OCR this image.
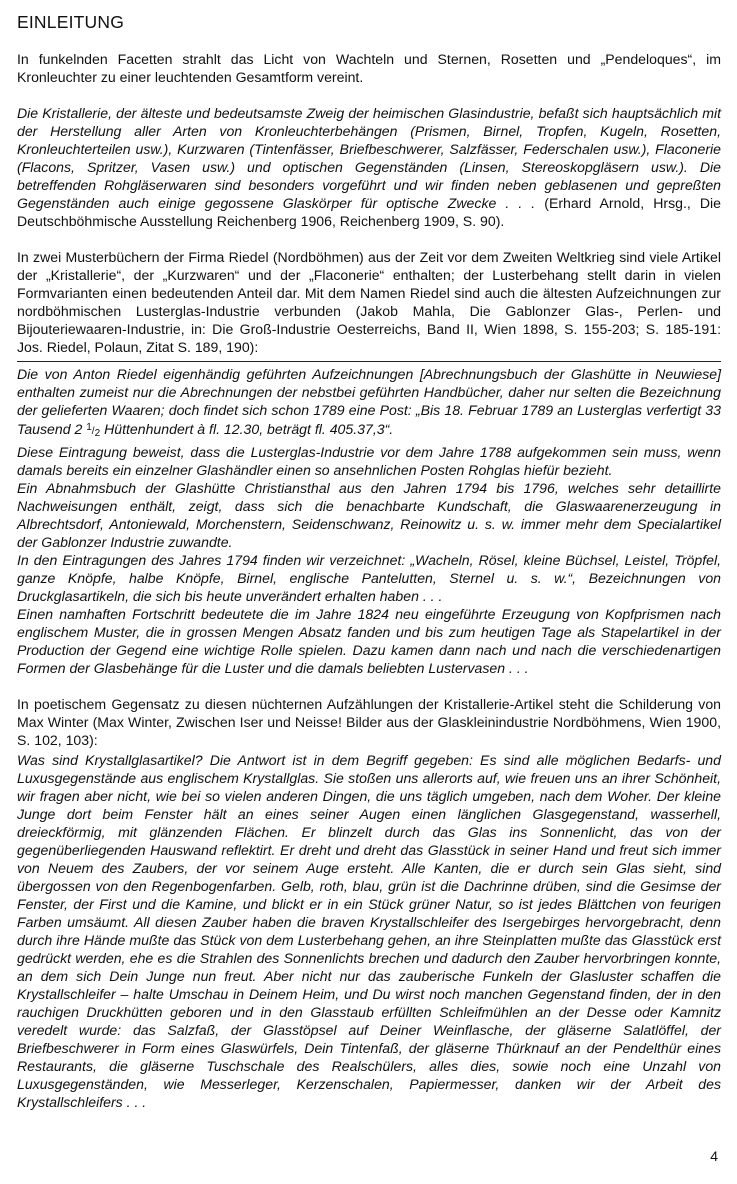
EINLEITUNG

In funkelnden Facetten strahlt das Licht von Wachteln und Sternen, Rosetten und „Pendeloques“, im Kronleuchter zu einer leuchtenden Gesamtform vereint.

Die Kristallerie, der älteste und bedeutsamste Zweig der heimischen Glasindustrie, befaßt sich hauptsächlich mit der Herstellung aller Arten von Kronleuchterbehängen (Prismen, Birnel, Tropfen, Kugeln, Rosetten, Kronleuchterteilen usw.), Kurzwaren (Tintenfässer, Briefbeschwerer, Salzfässer, Federschalen usw.), Flaconerie (Flacons, Spritzer, Vasen usw.) und optischen Gegenständen (Linsen, Stereoskopgläsern usw.). Die betreffenden Rohgläserwaren sind besonders vorgeführt und wir finden neben geblasenen und gepreßten Gegenständen auch einige gegossene Glaskörper für optische Zwecke . . . (Erhard Arnold, Hrsg., Die Deutschböhmische Ausstellung Reichenberg 1906, Reichenberg 1909, S. 90).

In zwei Musterbüchern der Firma Riedel (Nordböhmen) aus der Zeit vor dem Zweiten Weltkrieg sind viele Artikel der „Kristallerie“, der „Kurzwaren“ und der „Flaconerie“ enthalten; der Lusterbehang stellt darin in vielen Formvarianten einen bedeutenden Anteil dar. Mit dem Namen Riedel sind auch die ältesten Aufzeichnungen zur nordböhmischen Lusterglas-Industrie verbunden (Jakob Mahla, Die Gablonzer Glas-, Perlen- und Bijouteriewaaren-Industrie, in: Die Groß-Industrie Oesterreichs, Band II, Wien 1898, S. 155-203; S. 185-191: Jos. Riedel, Polaun, Zitat S. 189, 190):

Die von Anton Riedel eigenhändig geführten Aufzeichnungen [Abrechnungsbuch der Glashütte in Neuwiese] enthalten zumeist nur die Abrechnungen der nebstbei geführten Handbücher, daher nur selten die Bezeichnung der gelieferten Waaren; doch findet sich schon 1789 eine Post: „Bis 18. Februar 1789 an Lusterglas verfertigt 33 Tausend 2 $^1/_2$ Hüttenhundert à fl. 12.30, beträgt fl. 405.37,3“.

Diese Eintragung beweist, dass die Lusterglas-Industrie vor dem Jahre 1788 aufgekommen sein muss, wenn damals bereits ein einzelner Glashändler einen so ansehnlichen Posten Rohglas hiefür bezieht.

Ein Abnahmsbuch der Glashütte Christiansthal aus den Jahren 1794 bis 1796, welches sehr detaillirte Nachweisungen enthält, zeigt, dass sich die benachbarte Kundschaft, die Glaswaarenerzeugung in Albrechtsdorf, Antoniewald, Morchenstern, Seidenschwanz, Reinowitz u. s. w. immer mehr dem Specialartikel der Gablonzer Industrie zuwandte.

In den Eintragungen des Jahres 1794 finden wir verzeichnet: „Wacheln, Rösel, kleine Büchsel, Leistel, Tröpfel, ganze Knöpfe, halbe Knöpfe, Birnel, englische Pantelutten, Sternel u. s. w.“, Bezeichnungen von Druckglasartikeln, die sich bis heute unverändert erhalten haben . . .

Einen namhaften Fortschritt bedeutete die im Jahre 1824 neu eingeführte Erzeugung von Kopfprismen nach englischem Muster, die in grossen Mengen Absatz fanden und bis zum heutigen Tage als Stapelartikel in der Production der Gegend eine wichtige Rolle spielen. Dazu kamen dann nach und nach die verschiedenartigen Formen der Glasbehänge für die Luster und die damals beliebten Lustervasen . . .

In poetischem Gegensatz zu diesen nüchternen Aufzählungen der Kristallerie-Artikel steht die Schilderung von Max Winter (Max Winter, Zwischen Iser und Neisse! Bilder aus der Glaskleinindustrie Nordböhmens, Wien 1900, S. 102, 103):

Was sind Krystallglasartikel? Die Antwort ist in dem Begriff gegeben: Es sind alle möglichen Bedarfs- und Luxusgegenstände aus englischem Krystallglas. Sie stoßen uns allerorts auf, wie freuen uns an ihrer Schönheit, wir fragen aber nicht, wie bei so vielen anderen Dingen, die uns täglich umgeben, nach dem Woher. Der kleine Junge dort beim Fenster hält an eines seiner Augen einen länglichen Glasgegenstand, wasserhell, dreieckförmig, mit glänzenden Flächen. Er blinzelt durch das Glas ins Sonnenlicht, das von der gegenüberliegenden Hauswand reflektirt. Er dreht und dreht das Glasstück in seiner Hand und freut sich immer von Neuem des Zaubers, der vor seinem Auge ersteht. Alle Kanten, die er durch sein Glas sieht, sind übergossen von den Regenbogenfarben. Gelb, roth, blau, grün ist die Dachrinne drüben, sind die Gesimse der Fenster, der First und die Kamine, und blickt er in ein Stück grüner Natur, so ist jedes Blättchen von feurigen Farben umsäumt. All diesen Zauber haben die braven Krystallschleifer des Isergebirges hervorgebracht, denn durch ihre Hände mußte das Stück von dem Lusterbehang gehen, an ihre Steinplatten mußte das Glasstück erst gedrückt werden, ehe es die Strahlen des Sonnenlichts brechen und dadurch den Zauber hervorbringen konnte, an dem sich Dein Junge nun freut. Aber nicht nur das zauberische Funkeln der Glasluster schaffen die Krystallschleifer – halte Umschau in Deinem Heim, und Du wirst noch manchen Gegenstand finden, der in den rauchigen Druckhütten geboren und in den Glasstaub erfüllten Schleifmühlen an der Desse oder Kamnitz veredelt wurde: das Salzfaß, der Glasstöpsel auf Deiner Weinflasche, der gläserne Salatlöffel, der Briefbeschwerer in Form eines Glaswürfels, Dein Tintenfaß, der gläserne Thürknauf an der Pendelthür eines Restaurants, die gläserne Tuschschale des Realschülers, alles dies, sowie noch eine Unzahl von Luxusgegenständen, wie Messerleger, Kerzenschalen, Papiermesser, danken wir der Arbeit des Krystallschleifers . . .

4
